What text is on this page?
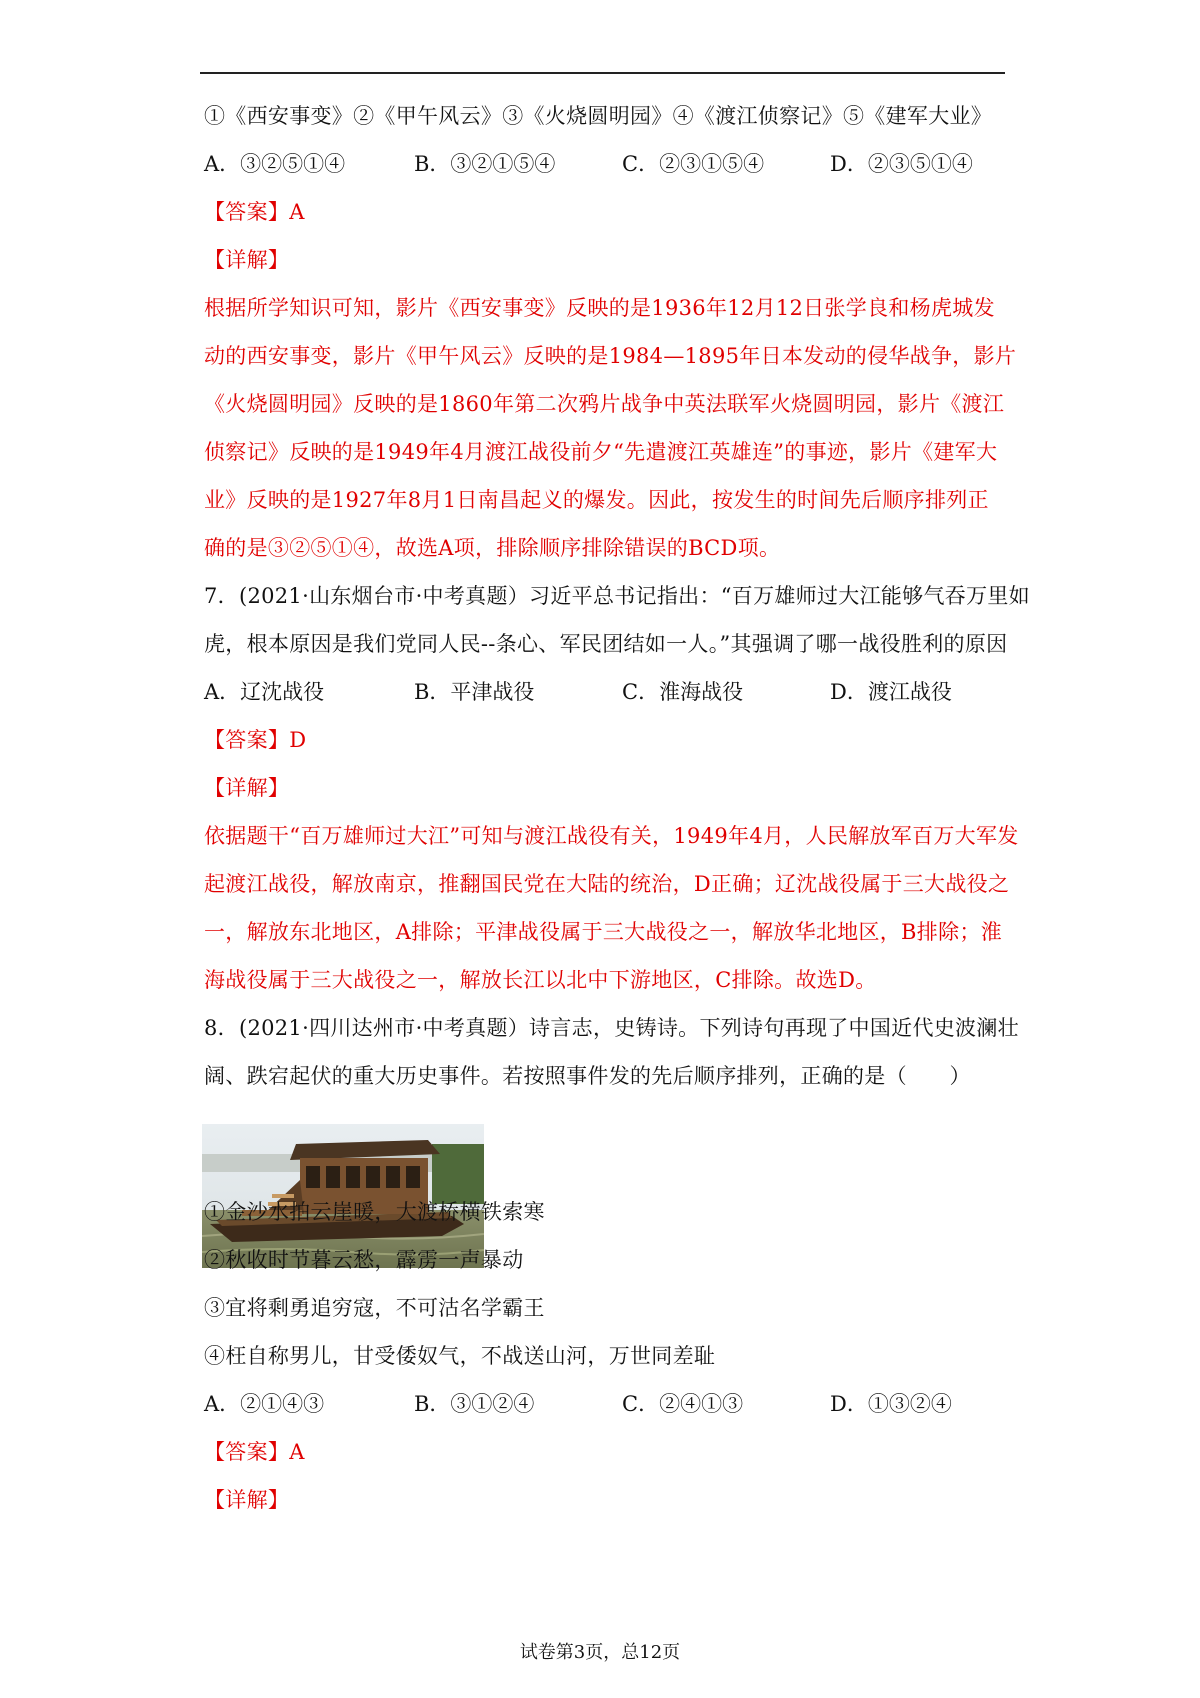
①《西安事变》②《甲午风云》③《火烧圆明园》④《渡江侦察记》⑤《建军大业》
A．③②⑤①④	B．③②①⑤④	C．②③①⑤④	D．②③⑤①④
【答案】A
【详解】
根据所学知识可知，影片《西安事变》反映的是1936年12月12日张学良和杨虎城发
动的西安事变，影片《甲午风云》反映的是1984—1895年日本发动的侵华战争，影片
《火烧圆明园》反映的是1860年第二次鸦片战争中英法联军火烧圆明园，影片《渡江
侦察记》反映的是1949年4月渡江战役前夕“先遣渡江英雄连”的事迹，影片《建军大
业》反映的是1927年8月1日南昌起义的爆发。因此，按发生的时间先后顺序排列正
确的是③②⑤①④，故选A项，排除顺序排除错误的BCD项。
7．(2021·山东烟台市·中考真题）习近平总书记指出：“百万雄师过大江能够气吞万里如
虎，根本原因是我们党同人民--条心、军民团结如一人。”其强调了哪一战役胜利的原因
A．辽沈战役	B．平津战役	C．淮海战役	D．渡江战役
【答案】D
【详解】
依据题干“百万雄师过大江”可知与渡江战役有关，1949年4月，人民解放军百万大军发
起渡江战役，解放南京，推翻国民党在大陆的统治，D正确；辽沈战役属于三大战役之
一，解放东北地区，A排除；平津战役属于三大战役之一，解放华北地区，B排除；淮
海战役属于三大战役之一，解放长江以北中下游地区，C排除。故选D。
8．(2021·四川达州市·中考真题）诗言志，史铸诗。下列诗句再现了中国近代史波澜壮
阔、跌宕起伏的重大历史事件。若按照事件发的先后顺序排列，正确的是（　　）
①金沙水拍云崖暖，大渡桥横铁索寒
②秋收时节暮云愁，霹雳一声暴动
③宜将剩勇追穷寇，不可沽名学霸王
④枉自称男儿，甘受倭奴气，不战送山河，万世同差耻
A．②①④③	B．③①②④	C．②④①③	D．①③②④
【答案】A
【详解】
试卷第3页，总12页
